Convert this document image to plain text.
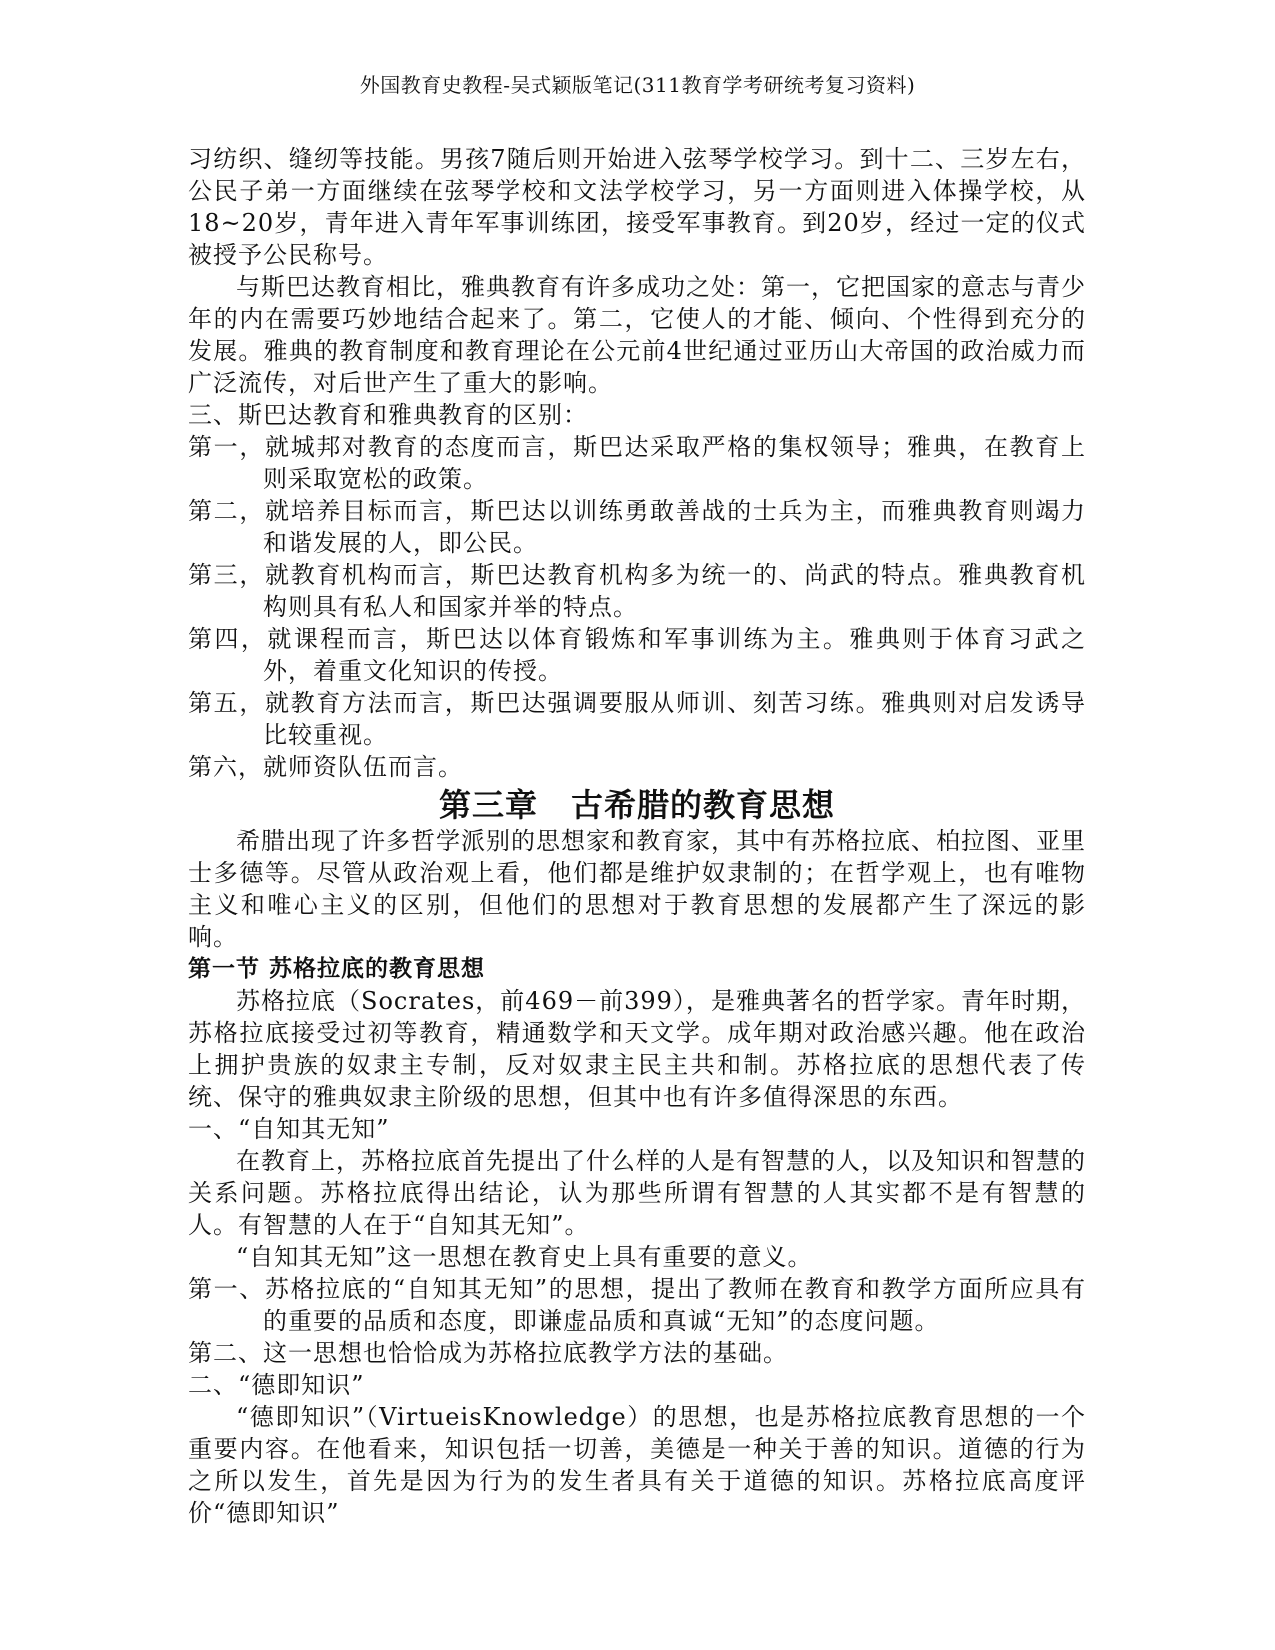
外国教育史教程-吴式颖版笔记(311教育学考研统考复习资料)

习纺织、缝纫等技能。男孩7随后则开始进入弦琴学校学习。到十二、三岁左右，公民子弟一方面继续在弦琴学校和文法学校学习，另一方面则进入体操学校，从18~20岁，青年进入青年军事训练团，接受军事教育。到20岁，经过一定的仪式被授予公民称号。

与斯巴达教育相比，雅典教育有许多成功之处：第一，它把国家的意志与青少年的内在需要巧妙地结合起来了。第二，它使人的才能、倾向、个性得到充分的发展。雅典的教育制度和教育理论在公元前4世纪通过亚历山大帝国的政治威力而广泛流传，对后世产生了重大的影响。

三、斯巴达教育和雅典教育的区别：

第一，就城邦对教育的态度而言，斯巴达采取严格的集权领导；雅典，在教育上则采取宽松的政策。

第二，就培养目标而言，斯巴达以训练勇敢善战的士兵为主，而雅典教育则竭力和谐发展的人，即公民。

第三，就教育机构而言，斯巴达教育机构多为统一的、尚武的特点。雅典教育机构则具有私人和国家并举的特点。

第四，就课程而言，斯巴达以体育锻炼和军事训练为主。雅典则于体育习武之外，着重文化知识的传授。

第五，就教育方法而言，斯巴达强调要服从师训、刻苦习练。雅典则对启发诱导比较重视。

第六，就师资队伍而言。

第三章　古希腊的教育思想

希腊出现了许多哲学派别的思想家和教育家，其中有苏格拉底、柏拉图、亚里士多德等。尽管从政治观上看，他们都是维护奴隶制的；在哲学观上，也有唯物主义和唯心主义的区别，但他们的思想对于教育思想的发展都产生了深远的影响。

第一节 苏格拉底的教育思想

苏格拉底（Socrates，前469－前399），是雅典著名的哲学家。青年时期，苏格拉底接受过初等教育，精通数学和天文学。成年期对政治感兴趣。他在政治上拥护贵族的奴隶主专制，反对奴隶主民主共和制。苏格拉底的思想代表了传统、保守的雅典奴隶主阶级的思想，但其中也有许多值得深思的东西。

一、“自知其无知”

在教育上，苏格拉底首先提出了什么样的人是有智慧的人，以及知识和智慧的关系问题。苏格拉底得出结论，认为那些所谓有智慧的人其实都不是有智慧的人。有智慧的人在于“自知其无知”。

“自知其无知”这一思想在教育史上具有重要的意义。

第一、苏格拉底的“自知其无知”的思想，提出了教师在教育和教学方面所应具有的重要的品质和态度，即谦虚品质和真诚“无知”的态度问题。

第二、这一思想也恰恰成为苏格拉底教学方法的基础。

二、“德即知识”

“德即知识”（VirtueisKnowledge）的思想，也是苏格拉底教育思想的一个重要内容。在他看来，知识包括一切善，美德是一种关于善的知识。道德的行为之所以发生，首先是因为行为的发生者具有关于道德的知识。苏格拉底高度评价“德即知识”
